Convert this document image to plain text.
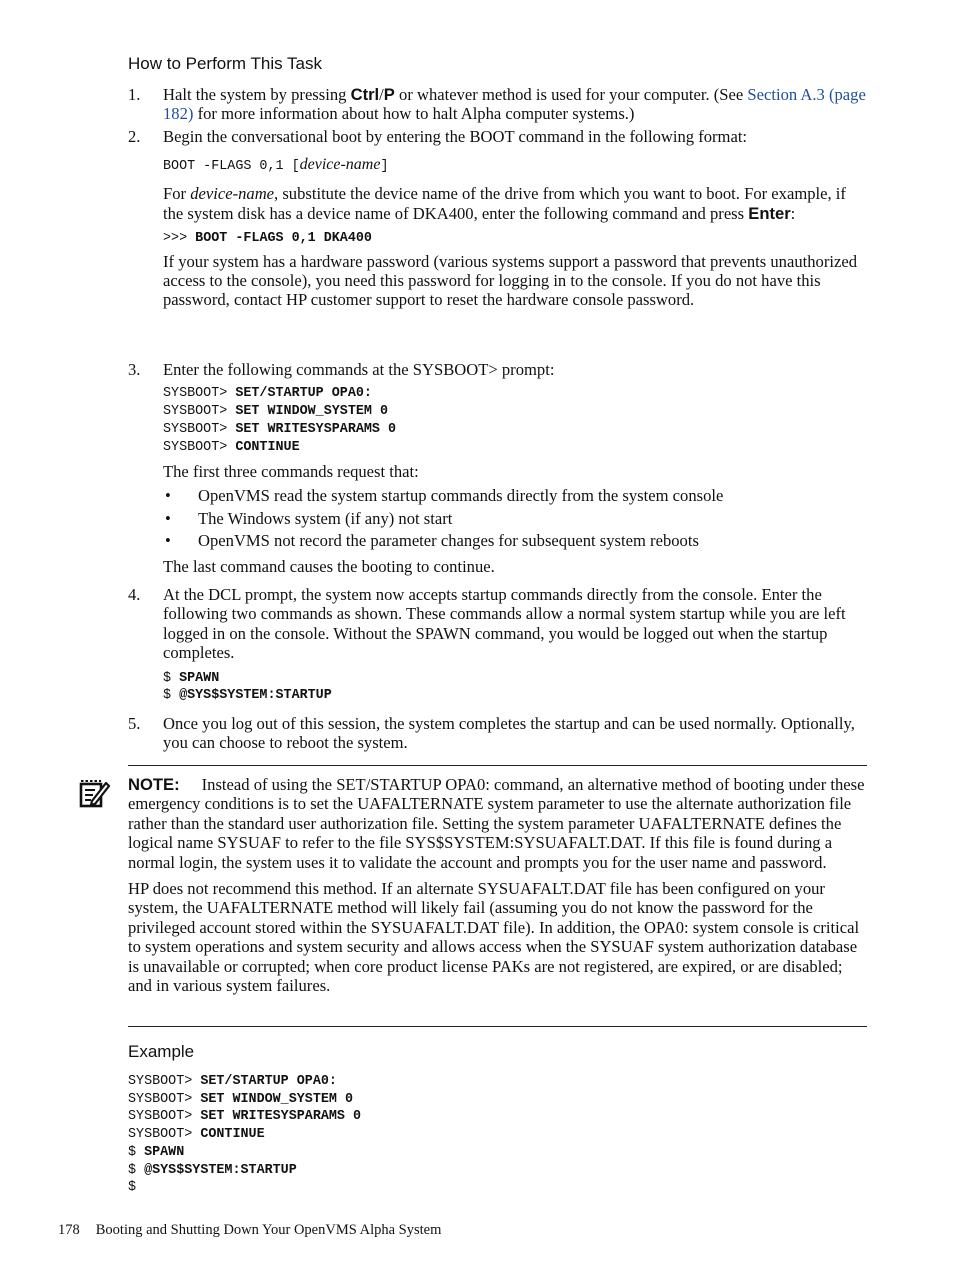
How to Perform This Task
1. Halt the system by pressing Ctrl/P or whatever method is used for your computer. (See Section A.3 (page 182) for more information about how to halt Alpha computer systems.)
2. Begin the conversational boot by entering the BOOT command in the following format:
BOOT -FLAGS 0,1 [device-name]
For device-name, substitute the device name of the drive from which you want to boot. For example, if the system disk has a device name of DKA400, enter the following command and press Enter:
>>> BOOT -FLAGS 0,1 DKA400
If your system has a hardware password (various systems support a password that prevents unauthorized access to the console), you need this password for logging in to the console. If you do not have this password, contact HP customer support to reset the hardware console password.
3. Enter the following commands at the SYSBOOT> prompt:
SYSBOOT> SET/STARTUP OPA0:
SYSBOOT> SET WINDOW_SYSTEM 0
SYSBOOT> SET WRITESYSPARAMS 0
SYSBOOT> CONTINUE
The first three commands request that:
• OpenVMS read the system startup commands directly from the system console
• The Windows system (if any) not start
• OpenVMS not record the parameter changes for subsequent system reboots
The last command causes the booting to continue.
4. At the DCL prompt, the system now accepts startup commands directly from the console. Enter the following two commands as shown. These commands allow a normal system startup while you are left logged in on the console. Without the SPAWN command, you would be logged out when the startup completes.
$ SPAWN
$ @SYS$SYSTEM:STARTUP
5. Once you log out of this session, the system completes the startup and can be used normally. Optionally, you can choose to reboot the system.
NOTE: Instead of using the SET/STARTUP OPA0: command, an alternative method of booting under these emergency conditions is to set the UAFALTERNATE system parameter to use the alternate authorization file rather than the standard user authorization file. Setting the system parameter UAFALTERNATE defines the logical name SYSUAF to refer to the file SYS$SYSTEM:SYSUAFALT.DAT. If this file is found during a normal login, the system uses it to validate the account and prompts you for the user name and password.
HP does not recommend this method. If an alternate SYSUAFALT.DAT file has been configured on your system, the UAFALTERNATE method will likely fail (assuming you do not know the password for the privileged account stored within the SYSUAFALT.DAT file). In addition, the OPA0: system console is critical to system operations and system security and allows access when the SYSUAF system authorization database is unavailable or corrupted; when core product license PAKs are not registered, are expired, or are disabled; and in various system failures.
Example
SYSBOOT> SET/STARTUP OPA0:
SYSBOOT> SET WINDOW_SYSTEM 0
SYSBOOT> SET WRITESYSPARAMS 0
SYSBOOT> CONTINUE
$ SPAWN
$ @SYS$SYSTEM:STARTUP
$
178 Booting and Shutting Down Your OpenVMS Alpha System
